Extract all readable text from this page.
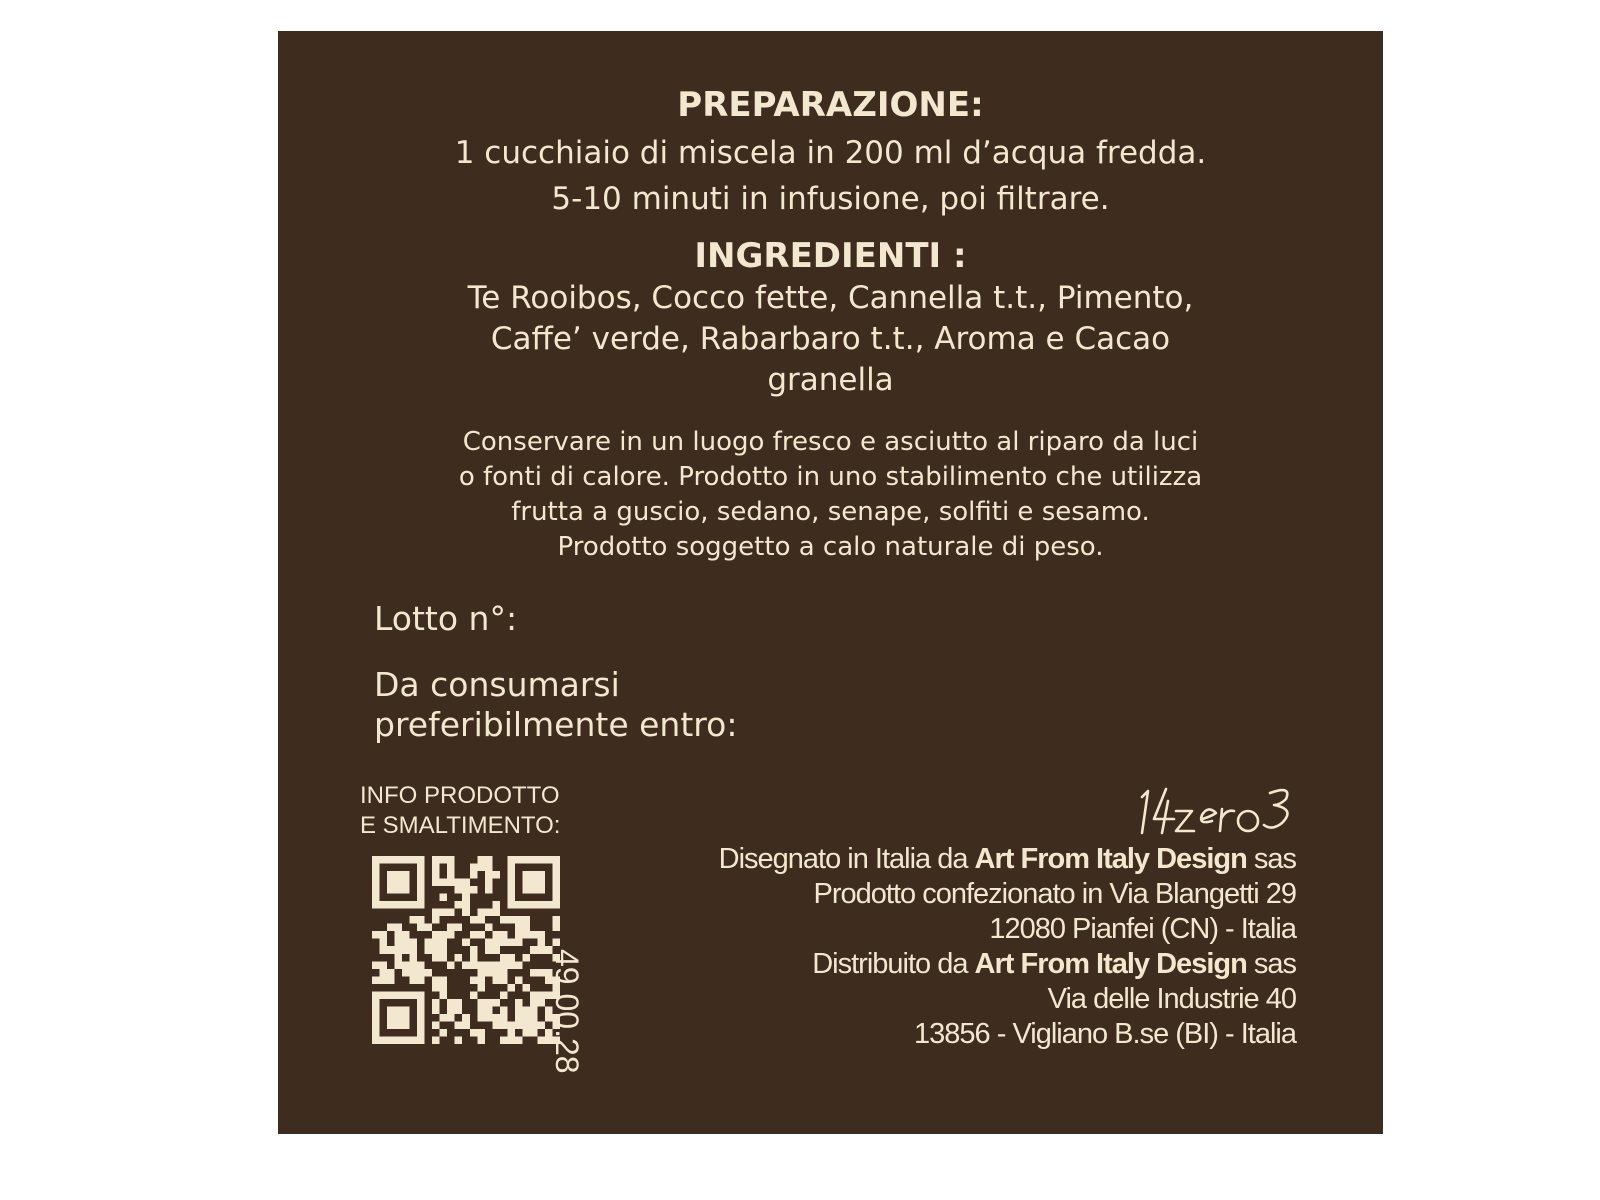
PREPARAZIONE:
1 cucchiaio di miscela in 200 ml d’acqua fredda.
5-10 minuti in infusione, poi filtrare.
INGREDIENTI :
Te Rooibos, Cocco fette, Cannella t.t., Pimento,
Caffe’ verde, Rabarbaro t.t., Aroma e Cacao
granella
Conservare in un luogo fresco e asciutto al riparo da luci
o fonti di calore. Prodotto in uno stabilimento che utilizza
frutta a guscio, sedano, senape, solfiti e sesamo.
Prodotto soggetto a calo naturale di peso.
Lotto n°:
Da consumarsi
preferibilmente entro:
INFO PRODOTTO
E SMALTIMENTO:
49.00.28
Disegnato in Italia da Art From Italy Design sas
Prodotto confezionato in Via Blangetti 29
12080 Pianfei (CN) - Italia
Distribuito da Art From Italy Design sas
Via delle Industrie 40
13856 - Vigliano B.se (BI) - Italia
